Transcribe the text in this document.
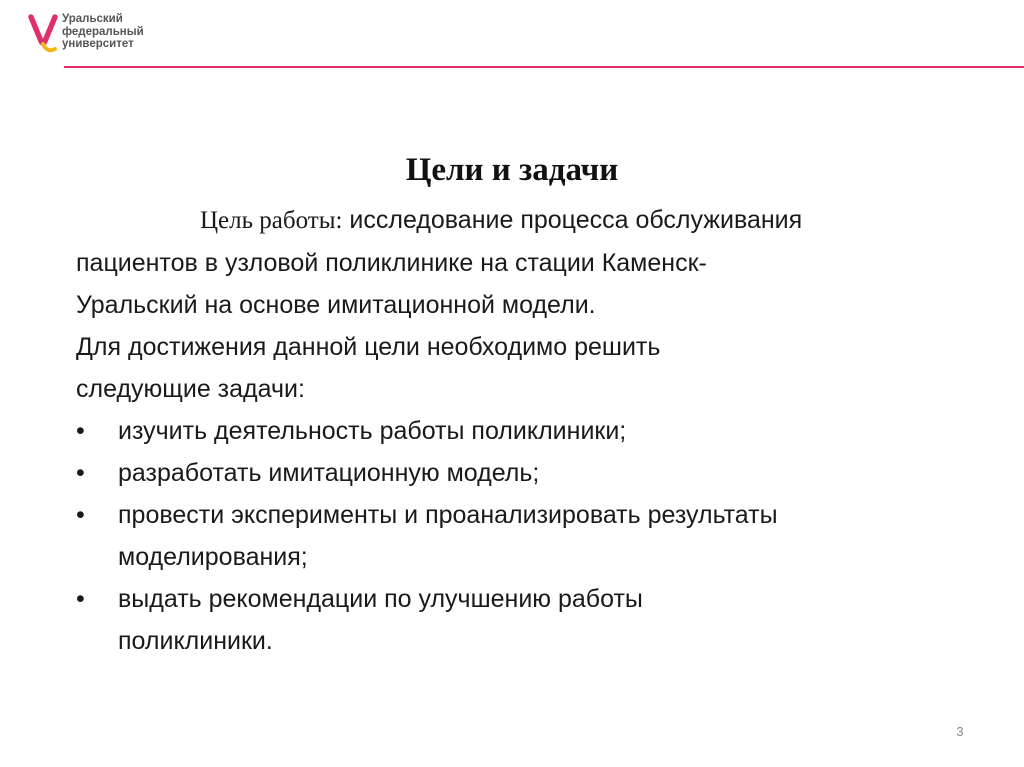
Уральский
федеральный
университет
Цели и задачи
Цель работы: исследование процесса обслуживания
пациентов в узловой поликлинике на стации Каменск-
Уральский на основе имитационной модели.
Для достижения данной цели необходимо решить
следующие задачи:
• изучить деятельность работы поликлиники;
• разработать имитационную модель;
• провести эксперименты и проанализировать результаты
моделирования;
• выдать рекомендации по улучшению работы
поликлиники.
3
